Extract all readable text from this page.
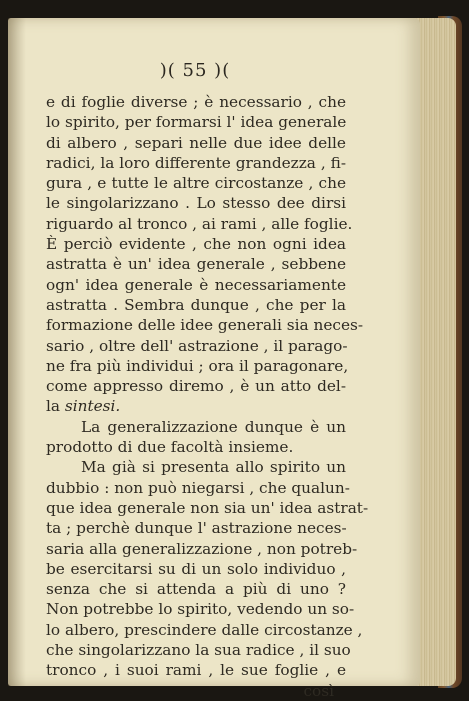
)( 55 )(
e di foglie diverse ; è necessario , che
lo spirito, per formarsi l' idea generale
di albero , separi nelle due idee delle
radici, la loro differente grandezza , fi-
gura , e tutte le altre circostanze , che
le singolarizzano . Lo stesso dee dirsi
riguardo al tronco , ai rami , alle foglie.
È perciò evidente , che non ogni idea
astratta è un' idea generale , sebbene
ogn' idea generale è necessariamente
astratta . Sembra dunque , che per la
formazione delle idee generali sia neces-
sario , oltre dell' astrazione , il parago-
ne fra più individui ; ora il paragonare,
come appresso diremo , è un atto del-
la sintesi.
La generalizzazione dunque è un
prodotto di due facoltà insieme.
Ma già si presenta allo spirito un
dubbio : non può niegarsi , che qualun-
que idea generale non sia un' idea astrat-
ta ; perchè dunque l' astrazione neces-
saria alla generalizzazione , non potreb-
be esercitarsi su di un solo individuo ,
senza che si attenda a più di uno ?
Non potrebbe lo spirito, vedendo un so-
lo albero, prescindere dalle circostanze ,
che singolarizzano la sua radice , il suo
tronco , i suoi rami , le sue foglie , e
così
